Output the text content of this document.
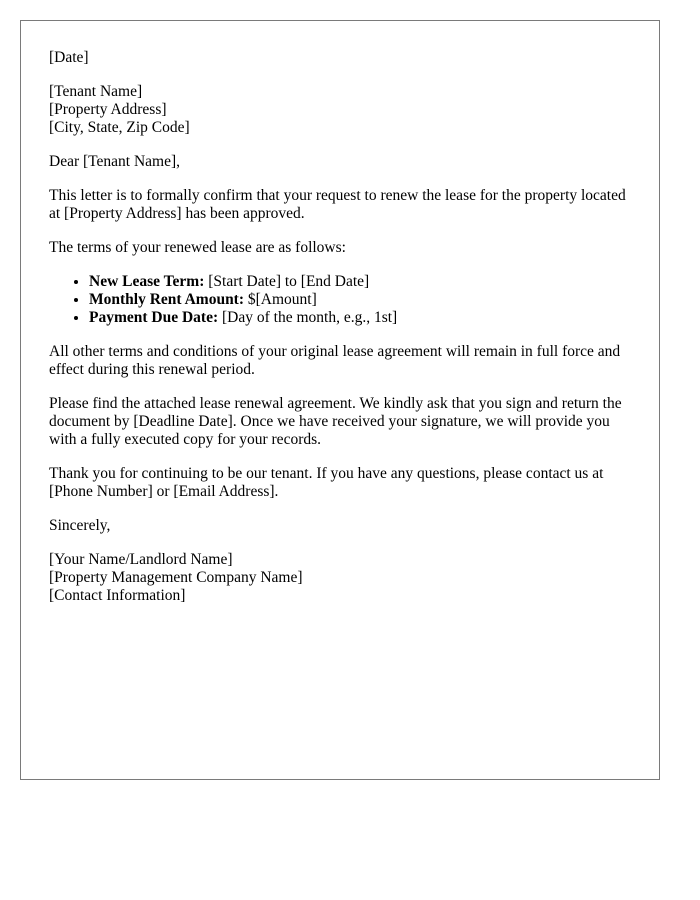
[Date]

[Tenant Name]
[Property Address]
[City, State, Zip Code]

Dear [Tenant Name],

This letter is to formally confirm that your request to renew the lease for the property located at [Property Address] has been approved.

The terms of your renewed lease are as follows:

• New Lease Term: [Start Date] to [End Date]
• Monthly Rent Amount: $[Amount]
• Payment Due Date: [Day of the month, e.g., 1st]

All other terms and conditions of your original lease agreement will remain in full force and effect during this renewal period.

Please find the attached lease renewal agreement. We kindly ask that you sign and return the document by [Deadline Date]. Once we have received your signature, we will provide you with a fully executed copy for your records.

Thank you for continuing to be our tenant. If you have any questions, please contact us at [Phone Number] or [Email Address].

Sincerely,

[Your Name/Landlord Name]
[Property Management Company Name]
[Contact Information]
